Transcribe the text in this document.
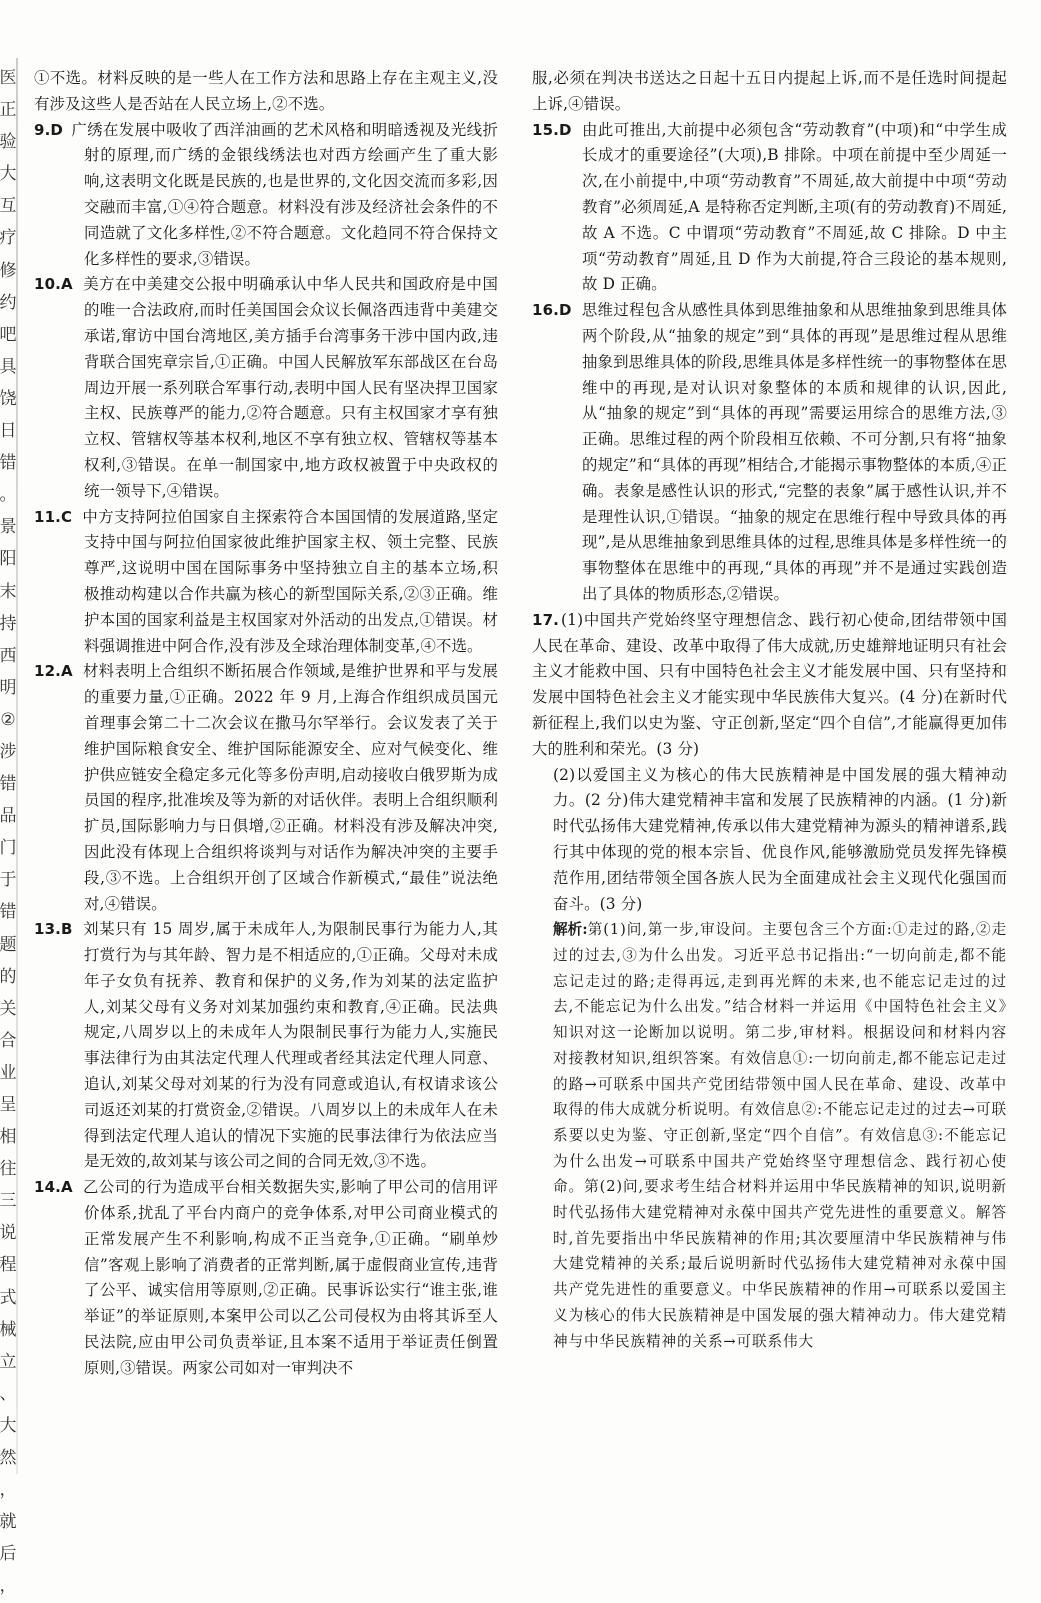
医
正
验
大
互
疗
修
约
吧
具
饶
日
错
。
景
阳
末
持
西
明
②
涉
错
品
门
于
错
题
的
关
合
业
呈
相
往
三
说
程
式
械
立
、
大
然
，
就
后
，

①不选。材料反映的是一些人在工作方法和思路上存在主观主义,没有涉及这些人是否站在人民立场上,②不选。

9.D 广绣在发展中吸收了西洋油画的艺术风格和明暗透视及光线折射的原理,而广绣的金银线绣法也对西方绘画产生了重大影响,这表明文化既是民族的,也是世界的,文化因交流而多彩,因交融而丰富,①④符合题意。材料没有涉及经济社会条件的不同造就了文化多样性,②不符合题意。文化趋同不符合保持文化多样性的要求,③错误。

10.A 美方在中美建交公报中明确承认中华人民共和国政府是中国的唯一合法政府,而时任美国国会众议长佩洛西违背中美建交承诺,窜访中国台湾地区,美方插手台湾事务干涉中国内政,违背联合国宪章宗旨,①正确。中国人民解放军东部战区在台岛周边开展一系列联合军事行动,表明中国人民有坚决捍卫国家主权、民族尊严的能力,②符合题意。只有主权国家才享有独立权、管辖权等基本权利,地区不享有独立权、管辖权等基本权利,③错误。在单一制国家中,地方政权被置于中央政权的统一领导下,④错误。

11.C 中方支持阿拉伯国家自主探索符合本国国情的发展道路,坚定支持中国与阿拉伯国家彼此维护国家主权、领土完整、民族尊严,这说明中国在国际事务中坚持独立自主的基本立场,积极推动构建以合作共赢为核心的新型国际关系,②③正确。维护本国的国家利益是主权国家对外活动的出发点,①错误。材料强调推进中阿合作,没有涉及全球治理体制变革,④不选。

12.A 材料表明上合组织不断拓展合作领域,是维护世界和平与发展的重要力量,①正确。2022 年 9 月,上海合作组织成员国元首理事会第二十二次会议在撒马尔罕举行。会议发表了关于维护国际粮食安全、维护国际能源安全、应对气候变化、维护供应链安全稳定多元化等多份声明,启动接收白俄罗斯为成员国的程序,批准埃及等为新的对话伙伴。表明上合组织顺利扩员,国际影响力与日俱增,②正确。材料没有涉及解决冲突,因此没有体现上合组织将谈判与对话作为解决冲突的主要手段,③不选。上合组织开创了区域合作新模式,“最佳”说法绝对,④错误。

13.B 刘某只有 15 周岁,属于未成年人,为限制民事行为能力人,其打赏行为与其年龄、智力是不相适应的,①正确。父母对未成年子女负有抚养、教育和保护的义务,作为刘某的法定监护人,刘某父母有义务对刘某加强约束和教育,④正确。民法典规定,八周岁以上的未成年人为限制民事行为能力人,实施民事法律行为由其法定代理人代理或者经其法定代理人同意、追认,刘某父母对刘某的行为没有同意或追认,有权请求该公司返还刘某的打赏资金,②错误。八周岁以上的未成年人在未得到法定代理人追认的情况下实施的民事法律行为依法应当是无效的,故刘某与该公司之间的合同无效,③不选。

14.A 乙公司的行为造成平台相关数据失实,影响了甲公司的信用评价体系,扰乱了平台内商户的竞争体系,对甲公司商业模式的正常发展产生不利影响,构成不正当竞争,①正确。“刷单炒信”客观上影响了消费者的正常判断,属于虚假商业宣传,违背了公平、诚实信用等原则,②正确。民事诉讼实行“谁主张,谁举证”的举证原则,本案甲公司以乙公司侵权为由将其诉至人民法院,应由甲公司负责举证,且本案不适用于举证责任倒置原则,③错误。两家公司如对一审判决不

服,必须在判决书送达之日起十五日内提起上诉,而不是任选时间提起上诉,④错误。

15.D 由此可推出,大前提中必须包含“劳动教育”(中项)和“中学生成长成才的重要途径”(大项),B 排除。中项在前提中至少周延一次,在小前提中,中项“劳动教育”不周延,故大前提中中项“劳动教育”必须周延,A 是特称否定判断,主项(有的劳动教育)不周延,故 A 不选。C 中谓项“劳动教育”不周延,故 C 排除。D 中主项“劳动教育”周延,且 D 作为大前提,符合三段论的基本规则,故 D 正确。

16.D 思维过程包含从感性具体到思维抽象和从思维抽象到思维具体两个阶段,从“抽象的规定”到“具体的再现”是思维过程从思维抽象到思维具体的阶段,思维具体是多样性统一的事物整体在思维中的再现,是对认识对象整体的本质和规律的认识,因此,从“抽象的规定”到“具体的再现”需要运用综合的思维方法,③正确。思维过程的两个阶段相互依赖、不可分割,只有将“抽象的规定”和“具体的再现”相结合,才能揭示事物整体的本质,④正确。表象是感性认识的形式,“完整的表象”属于感性认识,并不是理性认识,①错误。“抽象的规定在思维行程中导致具体的再现”,是从思维抽象到思维具体的过程,思维具体是多样性统一的事物整体在思维中的再现,“具体的再现”并不是通过实践创造出了具体的物质形态,②错误。

17. (1)中国共产党始终坚守理想信念、践行初心使命,团结带领中国人民在革命、建设、改革中取得了伟大成就,历史雄辩地证明只有社会主义才能救中国、只有中国特色社会主义才能发展中国、只有坚持和发展中国特色社会主义才能实现中华民族伟大复兴。(4 分)在新时代新征程上,我们以史为鉴、守正创新,坚定“四个自信”,才能赢得更加伟大的胜利和荣光。(3 分)

(2)以爱国主义为核心的伟大民族精神是中国发展的强大精神动力。(2 分)伟大建党精神丰富和发展了民族精神的内涵。(1 分)新时代弘扬伟大建党精神,传承以伟大建党精神为源头的精神谱系,践行其中体现的党的根本宗旨、优良作风,能够激励党员发挥先锋模范作用,团结带领全国各族人民为全面建成社会主义现代化强国而奋斗。(3 分)

解析:第(1)问,第一步,审设问。主要包含三个方面:①走过的路,②走过的过去,③为什么出发。习近平总书记指出:“一切向前走,都不能忘记走过的路;走得再远,走到再光辉的未来,也不能忘记走过的过去,不能忘记为什么出发。”结合材料一并运用《中国特色社会主义》知识对这一论断加以说明。第二步,审材料。根据设问和材料内容对接教材知识,组织答案。有效信息①:一切向前走,都不能忘记走过的路→可联系中国共产党团结带领中国人民在革命、建设、改革中取得的伟大成就分析说明。有效信息②:不能忘记走过的过去→可联系要以史为鉴、守正创新,坚定“四个自信”。有效信息③:不能忘记为什么出发→可联系中国共产党始终坚守理想信念、践行初心使命。第(2)问,要求考生结合材料并运用中华民族精神的知识,说明新时代弘扬伟大建党精神对永葆中国共产党先进性的重要意义。解答时,首先要指出中华民族精神的作用;其次要厘清中华民族精神与伟大建党精神的关系;最后说明新时代弘扬伟大建党精神对永葆中国共产党先进性的重要意义。中华民族精神的作用→可联系以爱国主义为核心的伟大民族精神是中国发展的强大精神动力。伟大建党精神与中华民族精神的关系→可联系伟大
